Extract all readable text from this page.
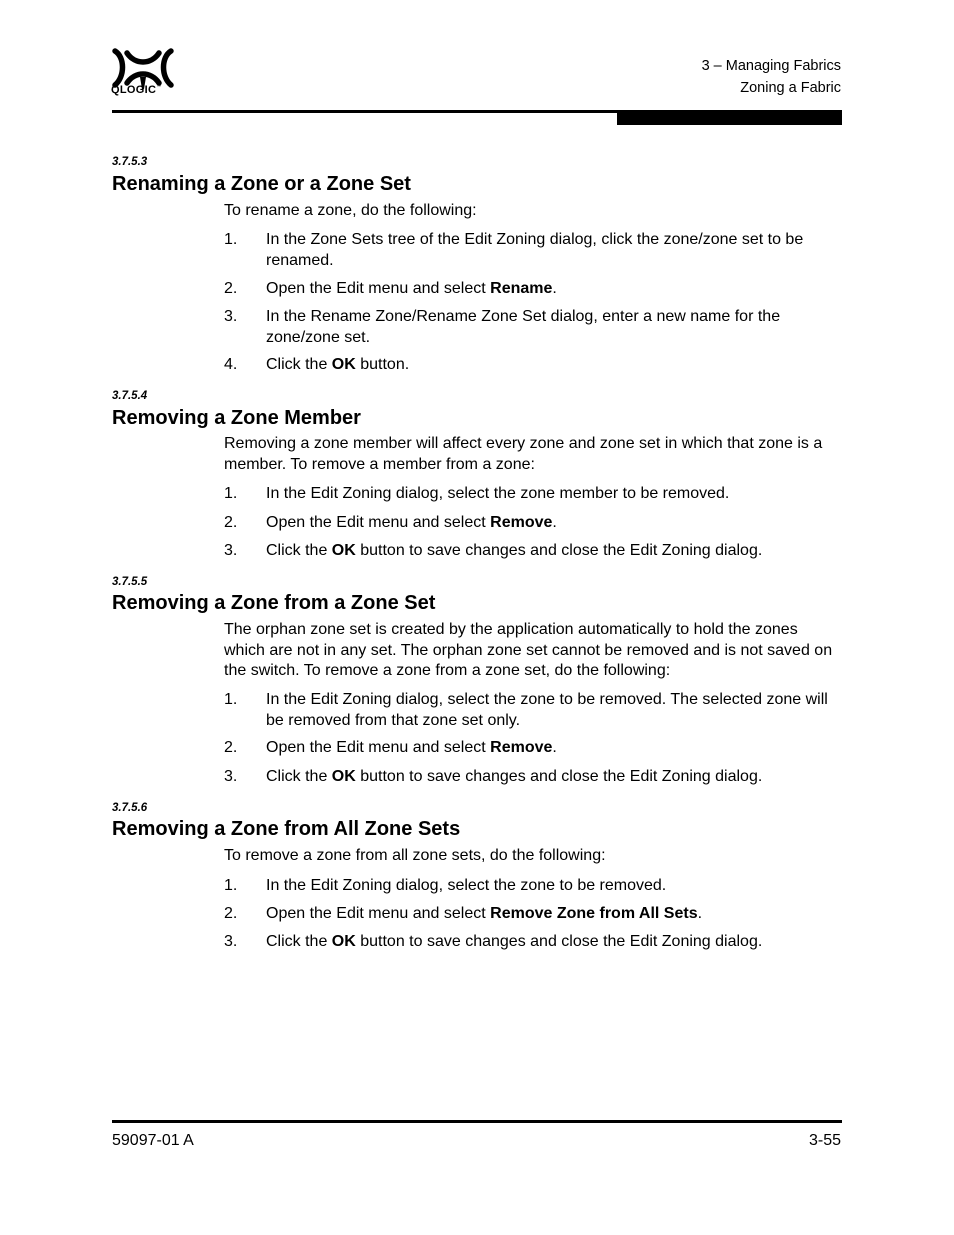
QLOGIC™
3 – Managing Fabrics
Zoning a Fabric
3.7.5.3
Renaming a Zone or a Zone Set
To rename a zone, do the following:
1. In the Zone Sets tree of the Edit Zoning dialog, click the zone/zone set to be renamed.
2. Open the Edit menu and select Rename.
3. In the Rename Zone/Rename Zone Set dialog, enter a new name for the zone/zone set.
4. Click the OK button.
3.7.5.4
Removing a Zone Member
Removing a zone member will affect every zone and zone set in which that zone is a member. To remove a member from a zone:
1. In the Edit Zoning dialog, select the zone member to be removed.
2. Open the Edit menu and select Remove.
3. Click the OK button to save changes and close the Edit Zoning dialog.
3.7.5.5
Removing a Zone from a Zone Set
The orphan zone set is created by the application automatically to hold the zones which are not in any set. The orphan zone set cannot be removed and is not saved on the switch. To remove a zone from a zone set, do the following:
1. In the Edit Zoning dialog, select the zone to be removed. The selected zone will be removed from that zone set only.
2. Open the Edit menu and select Remove.
3. Click the OK button to save changes and close the Edit Zoning dialog.
3.7.5.6
Removing a Zone from All Zone Sets
To remove a zone from all zone sets, do the following:
1. In the Edit Zoning dialog, select the zone to be removed.
2. Open the Edit menu and select Remove Zone from All Sets.
3. Click the OK button to save changes and close the Edit Zoning dialog.
59097-01 A	3-55
